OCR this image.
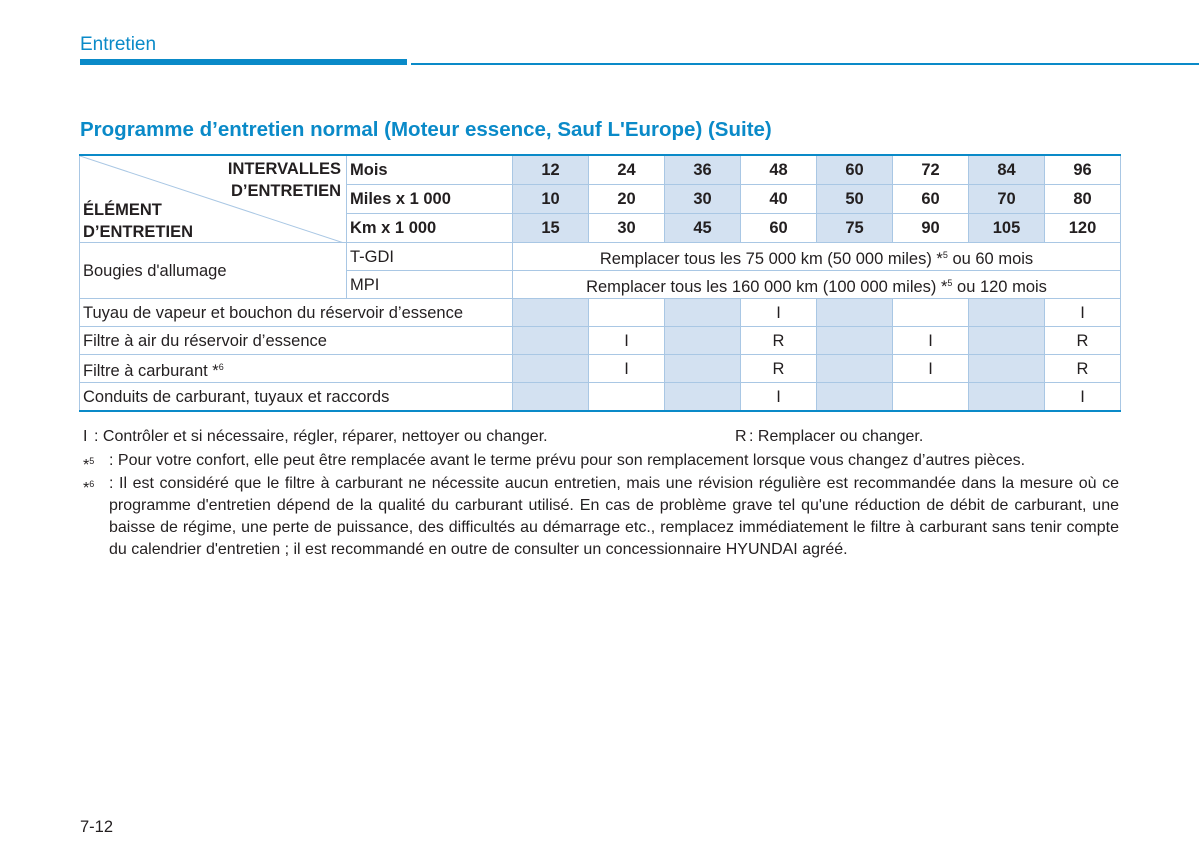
Entretien
Programme d’entretien normal (Moteur essence, Sauf L'Europe) (Suite)
INTERVALLES
D’ENTRETIEN
ÉLÉMENT
D’ENTRETIEN	Mois	12	24	36	48	60	72	84	96
	Miles x 1 000	10	20	30	40	50	60	70	80
	Km x 1 000	15	30	45	60	75	90	105	120
Bougies d'allumage	T-GDI	Remplacer tous les 75 000 km (50 000 miles) *$^5$ ou 60 mois							
	MPI	Remplacer tous les 160 000 km (100 000 miles) *$^5$ ou 120 mois							
Tuyau de vapeur et bouchon du réservoir d’essence					I				I
Filtre à air du réservoir d’essence			I		R		I		R
Filtre à carburant *$^6$			I		R		I		R
Conduits de carburant, tuyaux et raccords					I				I
I : Contrôler et si nécessaire, régler, réparer, nettoyer ou changer.	R : Remplacer ou changer.
*$^5$ : Pour votre confort, elle peut être remplacée avant le terme prévu pour son remplacement lorsque vous changez d’autres pièces.
*$^6$ : Il est considéré que le filtre à carburant ne nécessite aucun entretien, mais une révision régulière est recommandée dans la mesure où ce programme d'entretien dépend de la qualité du carburant utilisé. En cas de problème grave tel qu'une réduction de débit de carburant, une baisse de régime, une perte de puissance, des difficultés au démarrage etc., remplacez immédiatement le filtre à carburant sans tenir compte du calendrier d'entretien ; il est recommandé en outre de consulter un concessionnaire HYUNDAI agréé.
7-12
